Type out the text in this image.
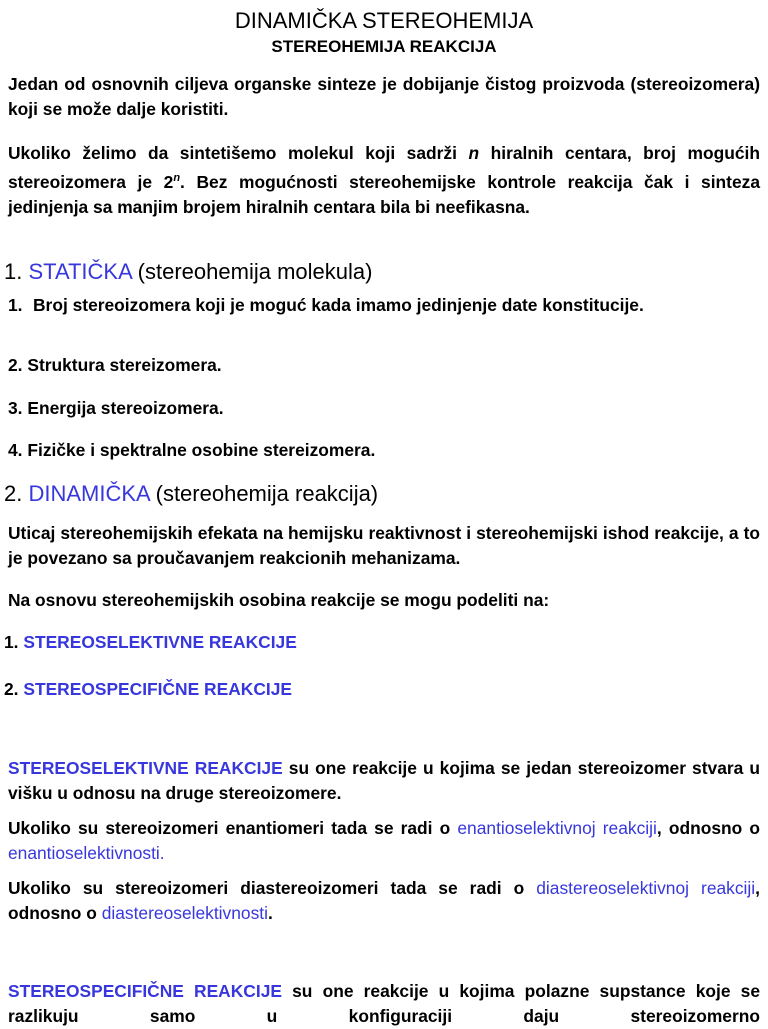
DINAMIČKA STEREOHEMIJA
STEREOHEMIJA REAKCIJA

Jedan od osnovnih ciljeva organske sinteze je dobijanje čistog proizvoda (stereoizomera) koji se može dalje koristiti.

Ukoliko želimo da sintetišemo molekul koji sadrži n hiralnih centara, broj mogućih stereoizomera je 2$^n$. Bez mogućnosti stereohemijske kontrole reakcija čak i sinteza jedinjenja sa manjim brojem hiralnih centara bila bi neefikasna.

1. STATIČKA (stereohemija molekula)
1. Broj stereoizomera koji je moguć kada imamo jedinjenje date konstitucije.
2. Struktura stereizomera.
3. Energija stereoizomera.
4. Fizičke i spektralne osobine stereizomera.
2. DINAMIČKA (stereohemija reakcija)

Uticaj stereohemijskih efekata na hemijsku reaktivnost i stereohemijski ishod reakcije, a to je povezano sa proučavanjem reakcionih mehanizama.

Na osnovu stereohemijskih osobina reakcije se mogu podeliti na:

1. STEREOSELEKTIVNE REAKCIJE
2. STEREOSPECIFIČNE REAKCIJE

STEREOSELEKTIVNE REAKCIJE su one reakcije u kojima se jedan stereoizomer stvara u višku u odnosu na druge stereoizomere.

Ukoliko su stereoizomeri enantiomeri tada se radi o enantioselektivnoj reakciji, odnosno o enantioselektivnosti.

Ukoliko su stereoizomeri diastereoizomeri tada se radi o diastereoselektivnoj reakciji, odnosno o diastereoselektivnosti.

STEREOSPECIFIČNE REAKCIJE su one reakcije u kojima polazne supstance koje se razlikuju samo u konfiguraciji daju stereoizomerno
